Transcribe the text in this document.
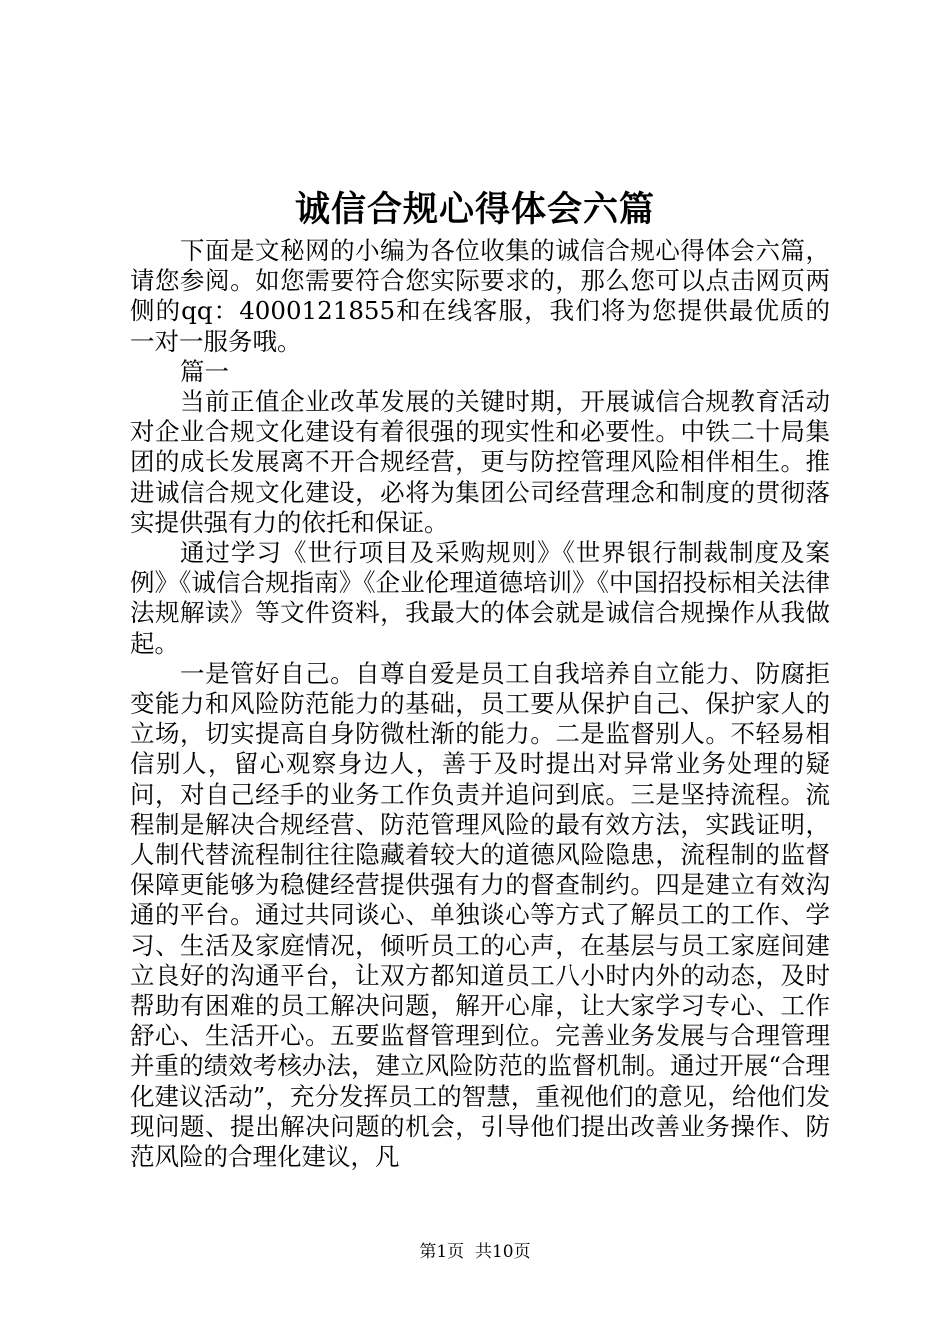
诚信合规心得体会六篇

下面是文秘网的小编为各位收集的诚信合规心得体会六篇，请您参阅。如您需要符合您实际要求的，那么您可以点击网页两侧的qq：4000121855和在线客服，我们将为您提供最优质的一对一服务哦。

篇一

当前正值企业改革发展的关键时期，开展诚信合规教育活动对企业合规文化建设有着很强的现实性和必要性。中铁二十局集团的成长发展离不开合规经营，更与防控管理风险相伴相生。推进诚信合规文化建设，必将为集团公司经营理念和制度的贯彻落实提供强有力的依托和保证。

通过学习《世行项目及采购规则》《世界银行制裁制度及案例》《诚信合规指南》《企业伦理道德培训》《中国招投标相关法律法规解读》等文件资料，我最大的体会就是诚信合规操作从我做起。

一是管好自己。自尊自爱是员工自我培养自立能力、防腐拒变能力和风险防范能力的基础，员工要从保护自己、保护家人的立场，切实提高自身防微杜渐的能力。二是监督别人。不轻易相信别人，留心观察身边人，善于及时提出对异常业务处理的疑问，对自己经手的业务工作负责并追问到底。三是坚持流程。流程制是解决合规经营、防范管理风险的最有效方法，实践证明，人制代替流程制往往隐藏着较大的道德风险隐患，流程制的监督保障更能够为稳健经营提供强有力的督查制约。四是建立有效沟通的平台。通过共同谈心、单独谈心等方式了解员工的工作、学习、生活及家庭情况，倾听员工的心声，在基层与员工家庭间建立良好的沟通平台，让双方都知道员工八小时内外的动态，及时帮助有困难的员工解决问题，解开心扉，让大家学习专心、工作舒心、生活开心。五要监督管理到位。完善业务发展与合理管理并重的绩效考核办法，建立风险防范的监督机制。通过开展“合理化建议活动”，充分发挥员工的智慧，重视他们的意见，给他们发现问题、提出解决问题的机会，引导他们提出改善业务操作、防范风险的合理化建议，凡

第1页  共10页
